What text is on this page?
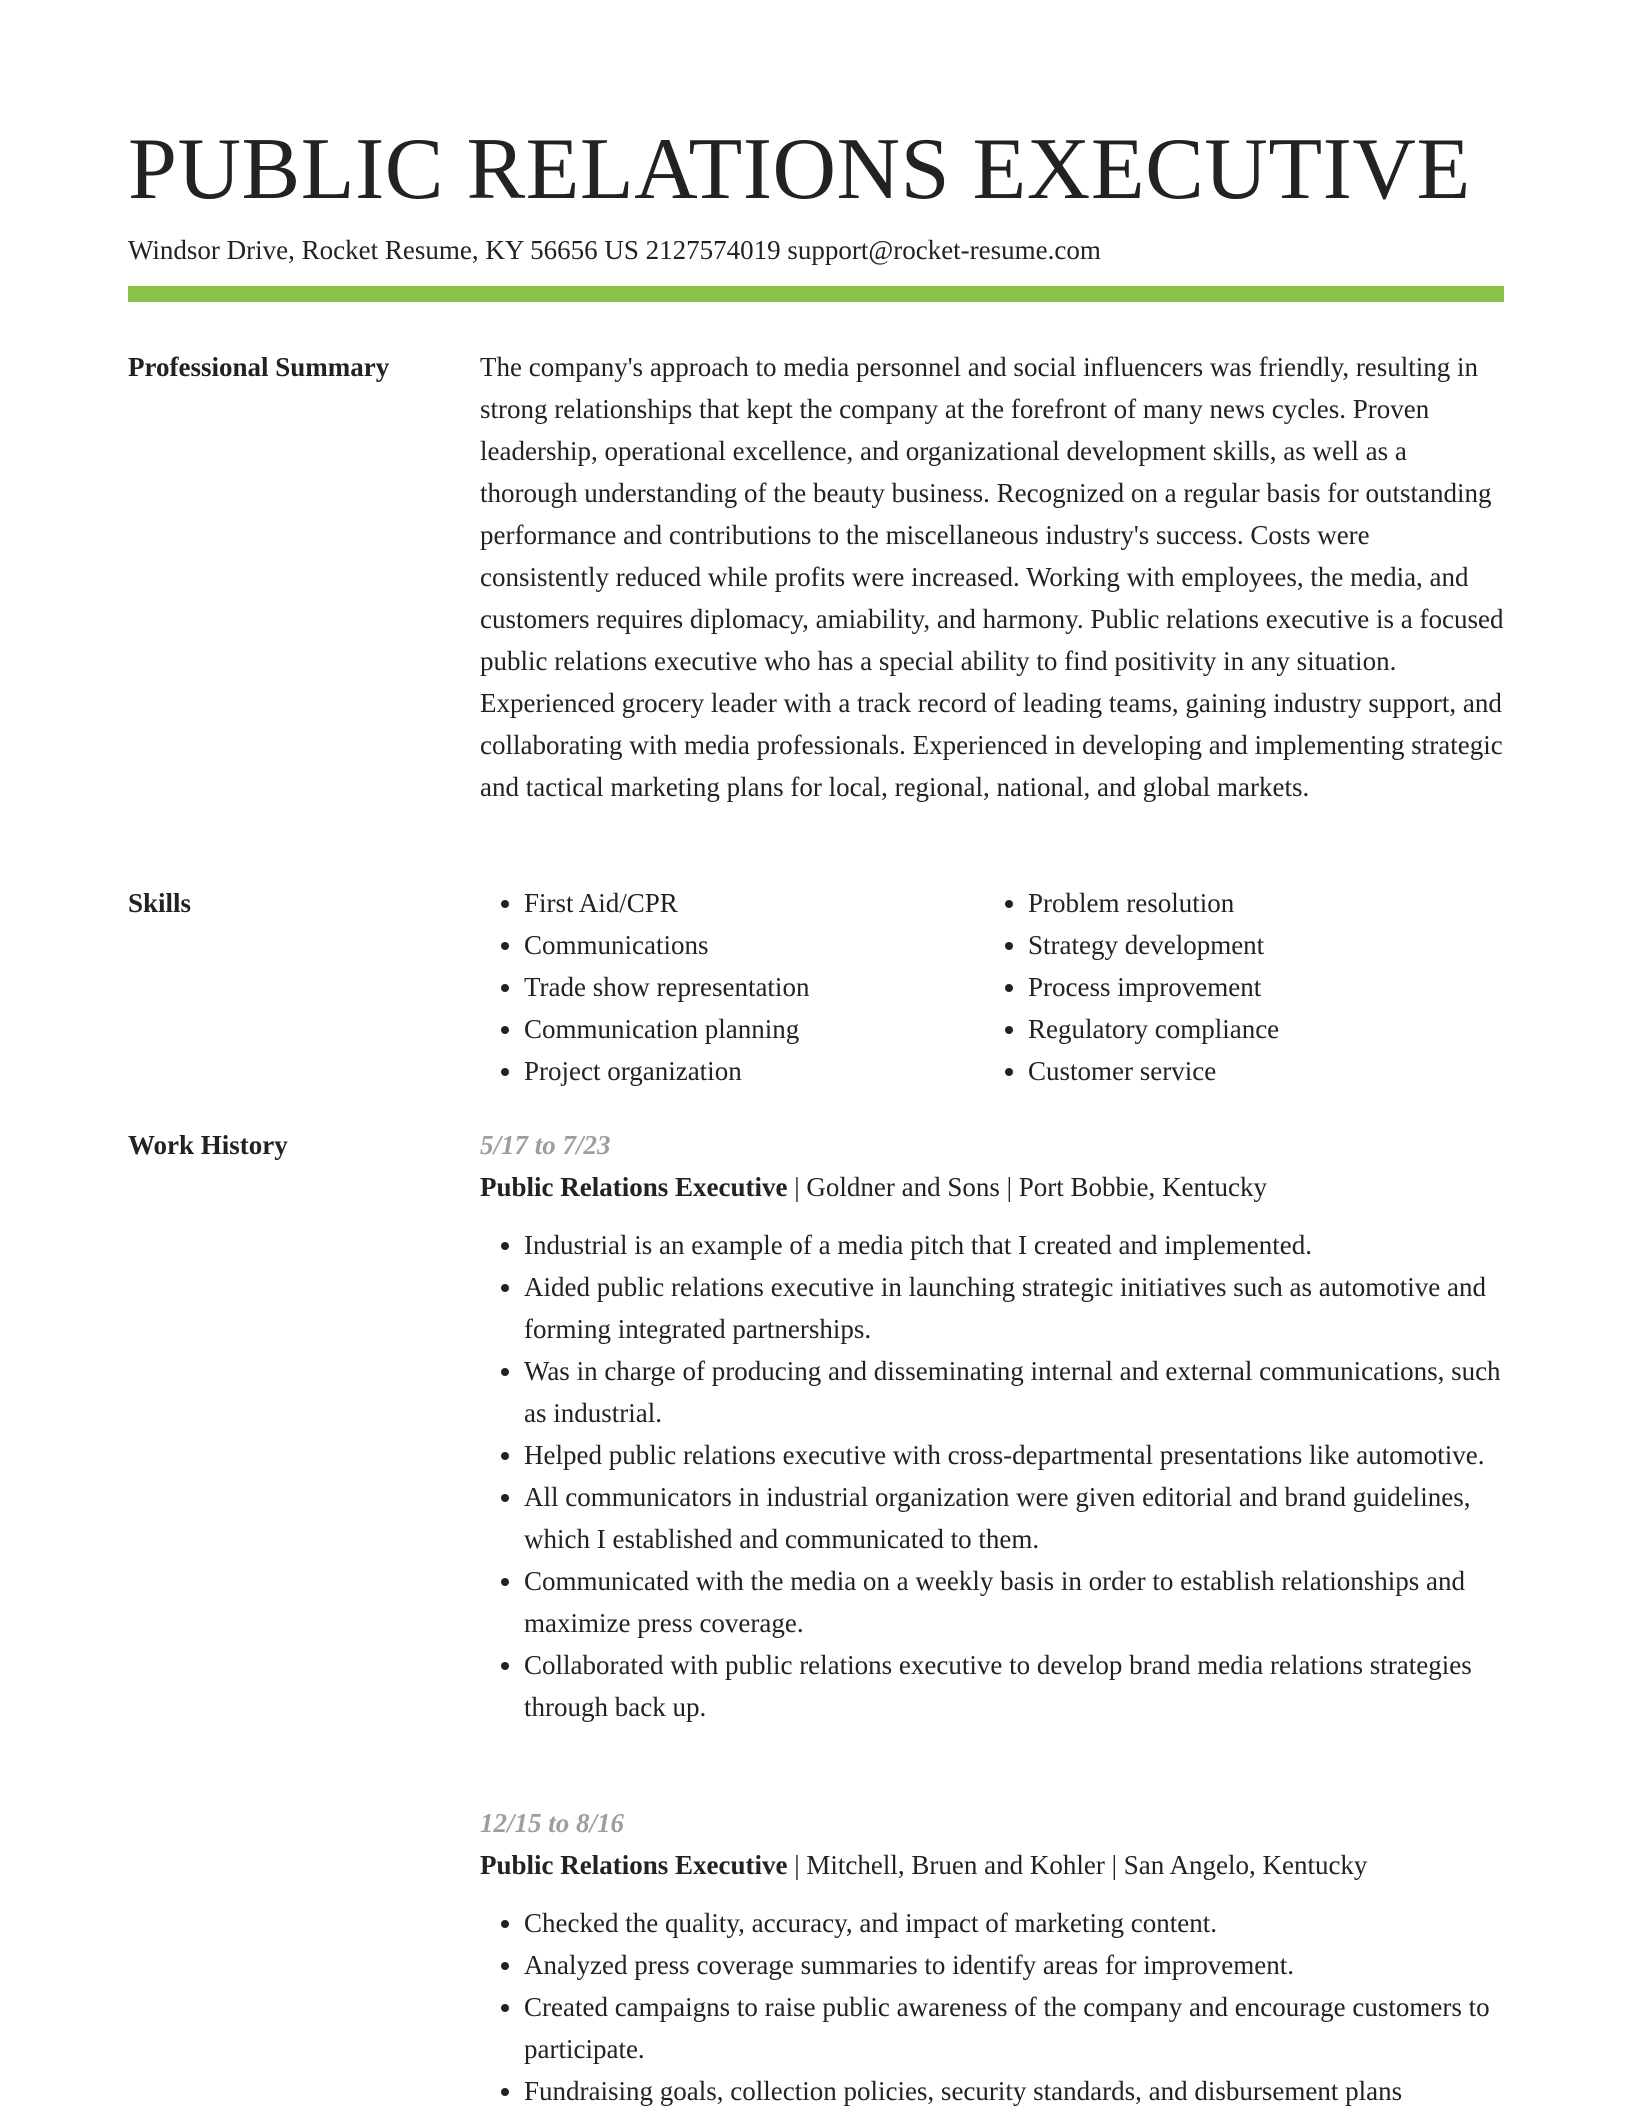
PUBLIC RELATIONS EXECUTIVE
Windsor Drive, Rocket Resume, KY 56656 US 2127574019 support@rocket-resume.com
Professional Summary	The company's approach to media personnel and social influencers was friendly, resulting in strong relationships that kept the company at the forefront of many news cycles. Proven leadership, operational excellence, and organizational development skills, as well as a thorough understanding of the beauty business. Recognized on a regular basis for outstanding performance and contributions to the miscellaneous industry's success. Costs were consistently reduced while profits were increased. Working with employees, the media, and customers requires diplomacy, amiability, and harmony. Public relations executive is a focused public relations executive who has a special ability to find positivity in any situation. Experienced grocery leader with a track record of leading teams, gaining industry support, and collaborating with media professionals. Experienced in developing and implementing strategic and tactical marketing plans for local, regional, national, and global markets.

Skills
•	First Aid/CPR
• Communications
• Trade show representation
• Communication planning
• Project organization
• Problem resolution
• Strategy development
• Process improvement
• Regulatory compliance
• Customer service
Work History	5/17 to 7/23
Public Relations Executive | Goldner and Sons | Port Bobbie, Kentucky
• Industrial is an example of a media pitch that I created and implemented.
• Aided public relations executive in launching strategic initiatives such as automotive and forming integrated partnerships.
• Was in charge of producing and disseminating internal and external communications, such as industrial.
• Helped public relations executive with cross-departmental presentations like automotive.
• All communicators in industrial organization were given editorial and brand guidelines, which I established and communicated to them.
• Communicated with the media on a weekly basis in order to establish relationships and maximize press coverage.
• Collaborated with public relations executive to develop brand media relations strategies through back up.
12/15 to 8/16
Public Relations Executive | Mitchell, Bruen and Kohler | San Angelo, Kentucky
• Checked the quality, accuracy, and impact of marketing content.
• Analyzed press coverage summaries to identify areas for improvement.
• Created campaigns to raise public awareness of the company and encourage customers to participate.
• Fundraising goals, collection policies, security standards, and disbursement plans
